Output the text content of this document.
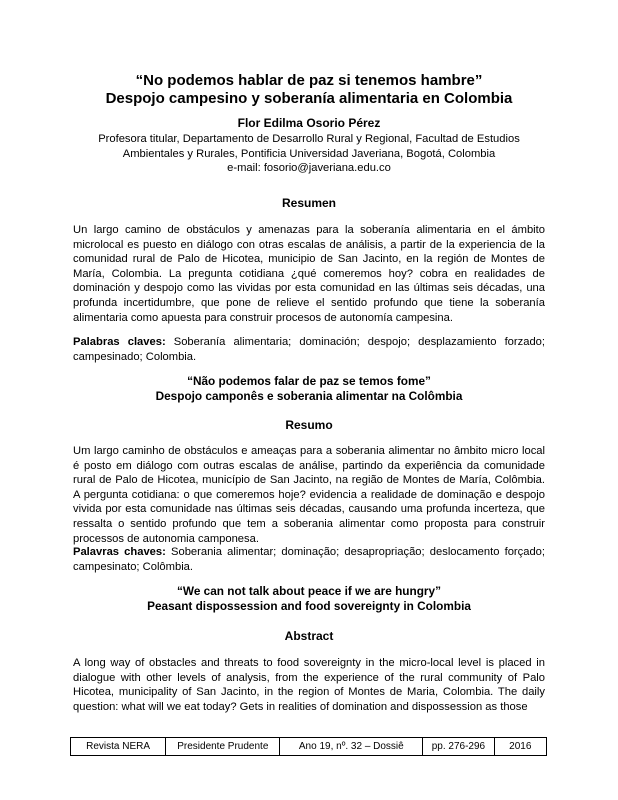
“No podemos hablar de paz si tenemos hambre”
Despojo campesino y soberanía alimentaria en Colombia
Flor Edilma Osorio Pérez
Profesora titular, Departamento de Desarrollo Rural y Regional, Facultad de Estudios
Ambientales y Rurales, Pontificia Universidad Javeriana, Bogotá, Colombia
e-mail: fosorio@javeriana.edu.co
Resumen
Un largo camino de obstáculos y amenazas para la soberanía alimentaria en el ámbito microlocal es puesto en diálogo con otras escalas de análisis, a partir de la experiencia de la comunidad rural de Palo de Hicotea, municipio de San Jacinto, en la región de Montes de María, Colombia. La pregunta cotidiana ¿qué comeremos hoy? cobra en realidades de dominación y despojo como las vividas por esta comunidad en las últimas seis décadas, una profunda incertidumbre, que pone de relieve el sentido profundo que tiene la soberanía alimentaria como apuesta para construir procesos de autonomía campesina.
Palabras claves: Soberanía alimentaria; dominación; despojo; desplazamiento forzado; campesinado; Colombia.
“Não podemos falar de paz se temos fome”
Despojo camponês e soberania alimentar na Colômbia
Resumo
Um largo caminho de obstáculos e ameaças para a soberania alimentar no âmbito micro local é posto em diálogo com outras escalas de análise, partindo da experiência da comunidade rural de Palo de Hicotea, município de San Jacinto, na região de Montes de María, Colômbia. A pergunta cotidiana: o que comeremos hoje? evidencia a realidade de dominação e despojo vivida por esta comunidade nas últimas seis décadas, causando uma profunda incerteza, que ressalta o sentido profundo que tem a soberania alimentar como proposta para construir processos de autonomia camponesa.
Palavras chaves: Soberania alimentar; dominação; desapropriação; deslocamento forçado; campesinato; Colômbia.
“We can not talk about peace if we are hungry”
Peasant dispossession and food sovereignty in Colombia
Abstract
A long way of obstacles and threats to food sovereignty in the micro-local level is placed in dialogue with other levels of analysis, from the experience of the rural community of Palo Hicotea, municipality of San Jacinto, in the region of Montes de Maria, Colombia. The daily question: what will we eat today? Gets in realities of domination and dispossession as those
Revista NERA	Presidente Prudente	Ano 19, nº. 32 – Dossiê	pp. 276-296	2016
